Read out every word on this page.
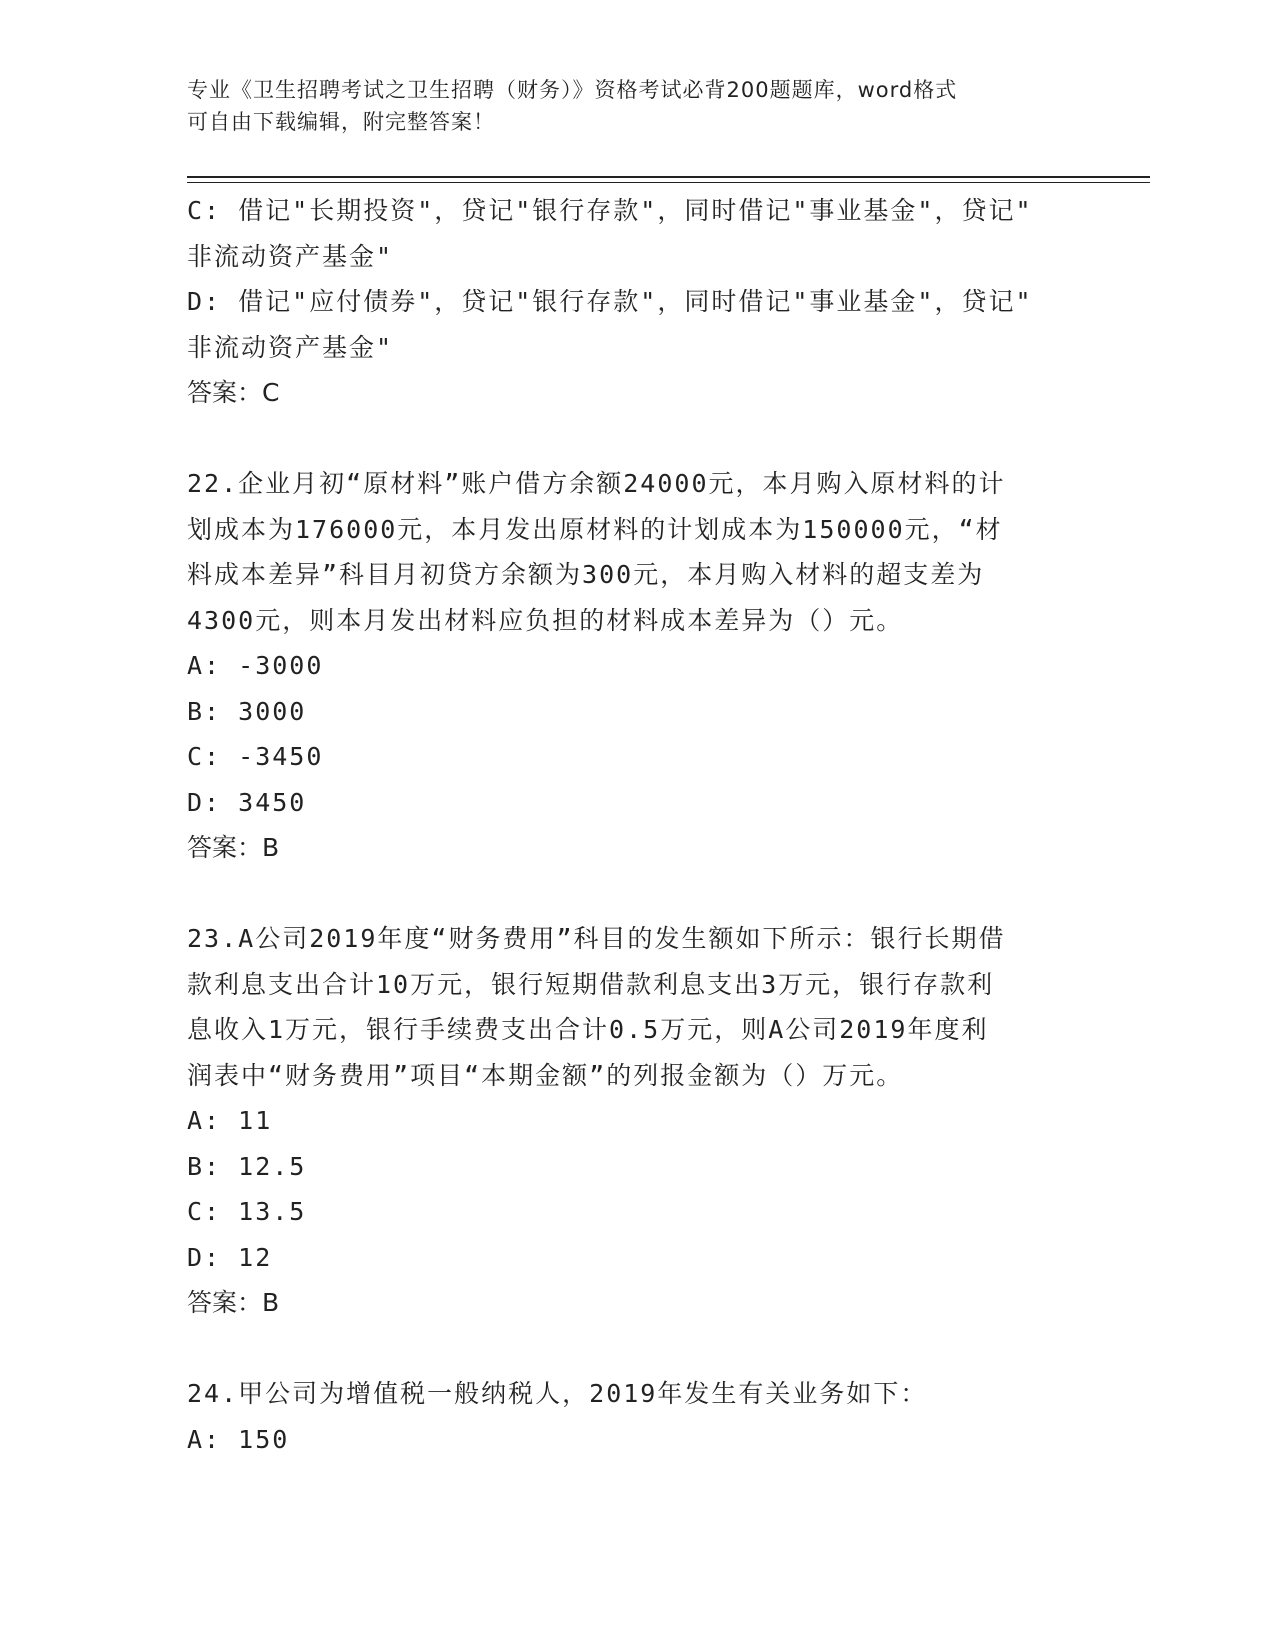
专业《卫生招聘考试之卫生招聘（财务）》资格考试必背200题题库，word格式
可自由下载编辑，附完整答案！
C: 借记"长期投资"，贷记"银行存款"，同时借记"事业基金"，贷记"
非流动资产基金"
D: 借记"应付债券"，贷记"银行存款"，同时借记"事业基金"，贷记"
非流动资产基金"
答案：C
22.企业月初“原材料”账户借方余额24000元，本月购入原材料的计
划成本为176000元，本月发出原材料的计划成本为150000元，“材
料成本差异”科目月初贷方余额为300元，本月购入材料的超支差为
4300元，则本月发出材料应负担的材料成本差异为（）元。
A: -3000
B: 3000
C: -3450
D: 3450
答案：B
23.A公司2019年度“财务费用”科目的发生额如下所示：银行长期借
款利息支出合计10万元，银行短期借款利息支出3万元，银行存款利
息收入1万元，银行手续费支出合计0.5万元，则A公司2019年度利
润表中“财务费用”项目“本期金额”的列报金额为（）万元。
A: 11
B: 12.5
C: 13.5
D: 12
答案：B
24.甲公司为增值税一般纳税人，2019年发生有关业务如下：
A: 150
